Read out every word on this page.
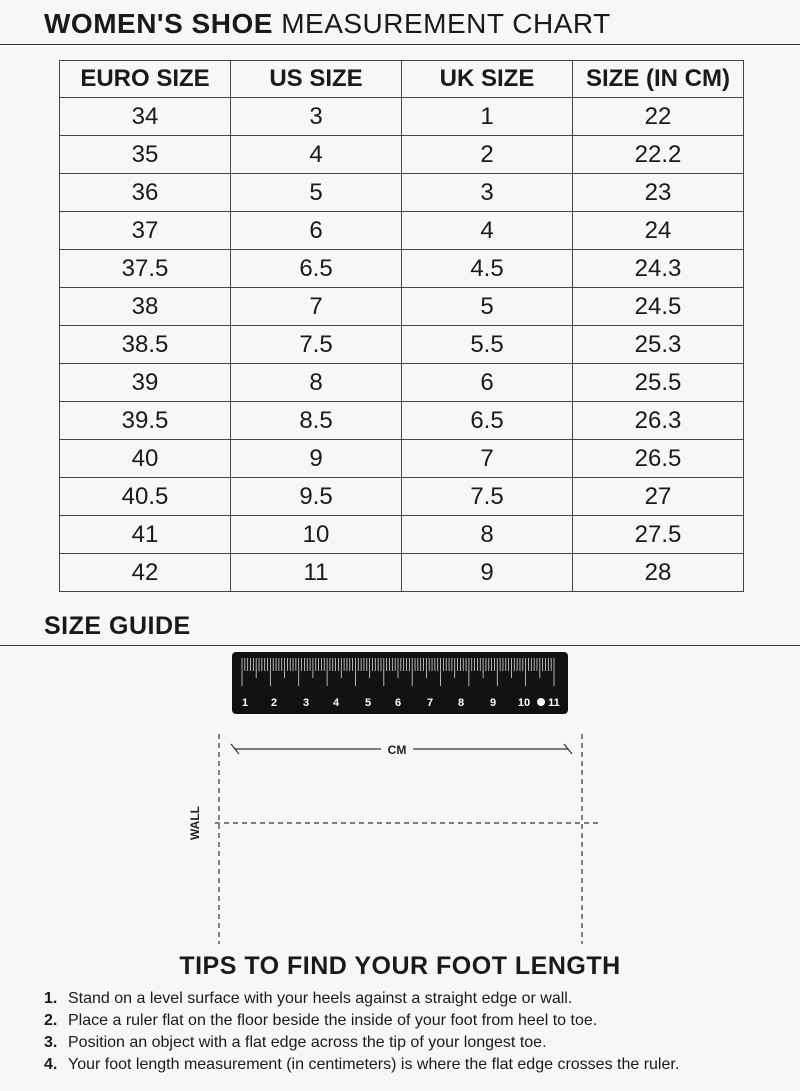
WOMEN'S SHOE MEASUREMENT CHART
EURO SIZE	US SIZE	UK SIZE	SIZE (IN CM)
34	3	1	22
35	4	2	22.2
36	5	3	23
37	6	4	24
37.5	6.5	4.5	24.3
38	7	5	24.5
38.5	7.5	5.5	25.3
39	8	6	25.5
39.5	8.5	6.5	26.3
40	9	7	26.5
40.5	9.5	7.5	27
41	10	8	27.5
42	11	9	28
SIZE GUIDE
1 2 3 4 5 6 7 8 9 10 11
CM
WALL
TIPS TO FIND YOUR FOOT LENGTH
1. Stand on a level surface with your heels against a straight edge or wall.
2. Place a ruler flat on the floor beside the inside of your foot from heel to toe.
3. Position an object with a flat edge across the tip of your longest toe.
4. Your foot length measurement (in centimeters) is where the flat edge crosses the ruler.
